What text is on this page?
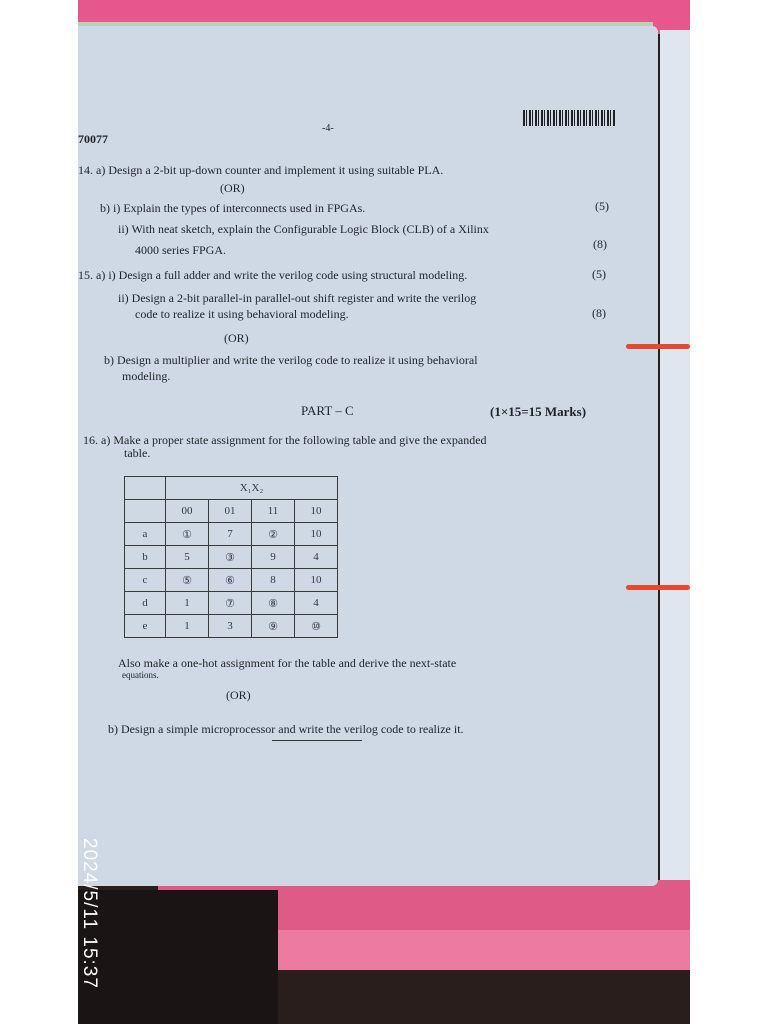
-4-
70077
14. a) Design a 2-bit up-down counter and implement it using suitable PLA.
(OR)
b) i) Explain the types of interconnects used in FPGAs.	(5)
ii) With neat sketch, explain the Configurable Logic Block (CLB) of a Xilinx
4000 series FPGA.	(8)
15. a) i) Design a full adder and write the verilog code using structural modeling.	(5)
ii) Design a 2-bit parallel-in parallel-out shift register and write the verilog
code to realize it using behavioral modeling.	(8)
(OR)
b) Design a multiplier and write the verilog code to realize it using behavioral
modeling.
PART – C	(1×15=15 Marks)
16. a) Make a proper state assignment for the following table and give the expanded
table.
	X₁X₂			
	00	01	11	10
a	①	7	②	10
b	5	③	9	4
c	⑤	⑥	8	10
d	1	⑦	⑧	4
e	1	3	⑨	⑩
Also make a one-hot assignment for the table and derive the next-state
equations.
(OR)
b) Design a simple microprocessor and write the verilog code to realize it.
2024/5/11 15:37
